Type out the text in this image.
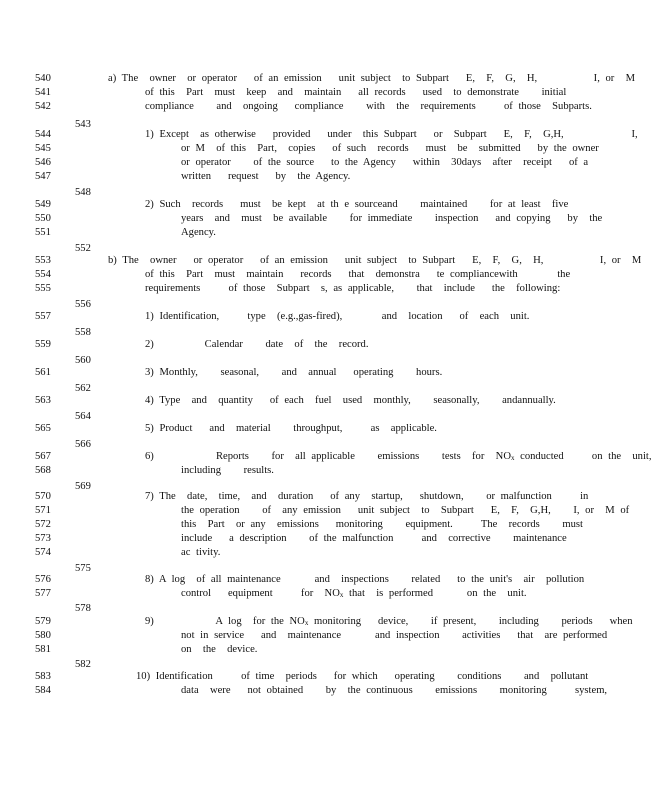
540	a) The  owner  or operator   of an emission   unit subject  to Subpart   E,  F,  G,  H,          I, or  M
541	of this  Part  must  keep  and  maintain   all records   used  to demonstrate    initial
542	compliance    and  ongoing   compliance    with  the  requirements     of those  Subparts.
543
544	1) Except  as otherwise   provided   under  this Subpart   or  Subpart   E,  F,  G,H,            I,
545	or M  of this  Part,  copies   of such  records   must  be  submitted   by the owner
546	or operator    of the source   to the Agency   within  30days  after  receipt   of a
547	written   request   by  the Agency.
548
549	2) Such  records   must  be kept  at th e sourceand    maintained    for at least  five
550	years  and  must  be available    for immediate    inspection   and copying   by  the
551	Agency.
552
553	b) The  owner   or operator   of an emission   unit subject  to Subpart   E,  F,  G,  H,          I, or  M
554	of this  Part  must  maintain   records   that  demonstra   te compliancewith       the
555	requirements     of those  Subpart  s, as applicable,    that  include   the  following:
556
557	1) Identification,     type  (e.g.,gas-fired),       and  location   of  each  unit.
558
559	2)         Calendar    date  of  the  record.
560
561	3) Monthly,    seasonal,    and  annual   operating    hours.
562
563	4) Type  and  quantity   of each  fuel  used  monthly,    seasonally,    andannually.
564
565	5) Product   and  material    throughput,     as  applicable.
566
567	6)           Reports    for  all applicable    emissions    tests  for  $NO_x$ conducted     on the  unit,
568	including    results.
569
570	7) The  date,  time,  and  duration   of any  startup,   shutdown,    or malfunction     in
571	the operation    of  any emission   unit subject  to  Subpart   E,  F,  G,H,    I, or  M of
572	this  Part  or any  emissions   monitoring    equipment.     The  records    must
573	include   a description    of the malfunction     and  corrective    maintenance
574	ac tivity.
575
576	8) A log  of all maintenance      and  inspections    related   to the unit's  air  pollution
577	control   equipment     for  $NO_x$ that  is performed      on the  unit.
578
579	9)           A log  for the $NO_x$ monitoring   device,    if present,    including    periods   when
580	not in service   and  maintenance      and inspection    activities   that  are performed
581	on  the  device.
582
583	10) Identification     of time  periods   for which   operating    conditions    and  pollutant
584	data  were   not obtained    by  the continuous    emissions    monitoring     system,
